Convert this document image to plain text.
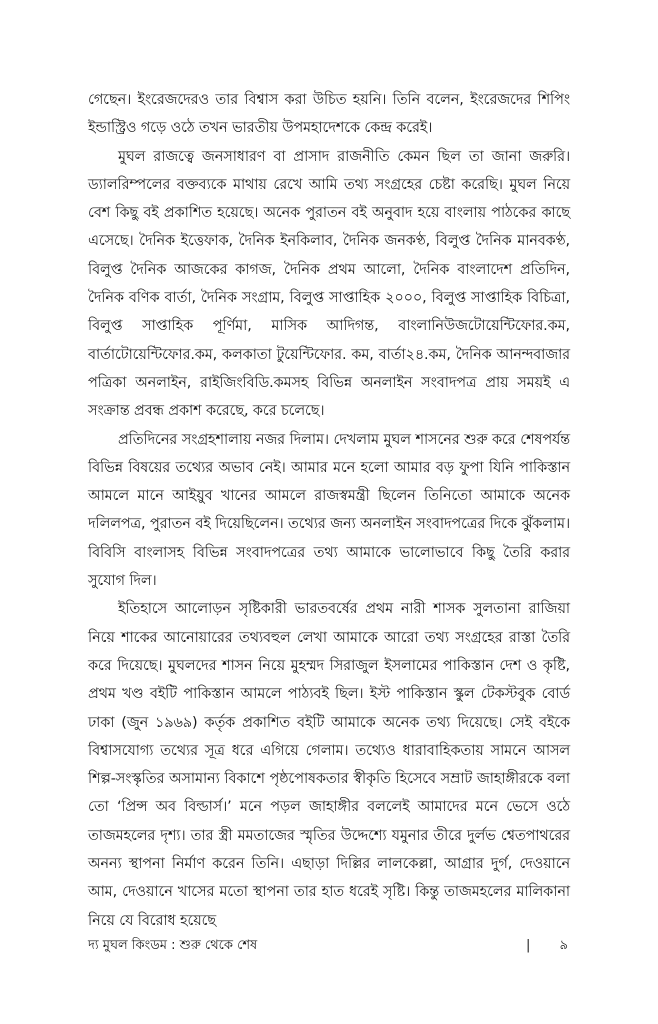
গেছেন। ইংরেজদেরও তার বিশ্বাস করা উচিত হয়নি। তিনি বলেন, ইংরেজদের শিপিং ইন্ডাস্ট্রিও গড়ে ওঠে তখন ভারতীয় উপমহাদেশকে কেন্দ্র করেই।

মুঘল রাজত্বে জনসাধারণ বা প্রাসাদ রাজনীতি কেমন ছিল তা জানা জরুরি। ড্যালরিম্পলের বক্তব্যকে মাথায় রেখে আমি তথ্য সংগ্রহের চেষ্টা করেছি। মুঘল নিয়ে বেশ কিছু বই প্রকাশিত হয়েছে। অনেক পুরাতন বই অনুবাদ হয়ে বাংলায় পাঠকের কাছে এসেছে। দৈনিক ইত্তেফাক, দৈনিক ইনকিলাব, দৈনিক জনকণ্ঠ, বিলুপ্ত দৈনিক মানবকণ্ঠ, বিলুপ্ত দৈনিক আজকের কাগজ, দৈনিক প্রথম আলো, দৈনিক বাংলাদেশ প্রতিদিন, দৈনিক বণিক বার্তা, দৈনিক সংগ্রাম, বিলুপ্ত সাপ্তাহিক ২০০০, বিলুপ্ত সাপ্তাহিক বিচিত্রা, বিলুপ্ত সাপ্তাহিক পূর্ণিমা, মাসিক আদিগন্ত, বাংলানিউজটোয়েন্টিফোর.কম, বার্তাটোয়েন্টিফোর.কম, কলকাতা টুয়েন্টিফোর. কম, বার্তা২৪.কম, দৈনিক আনন্দবাজার পত্রিকা অনলাইন, রাইজিংবিডি.কমসহ বিভিন্ন অনলাইন সংবাদপত্র প্রায় সময়ই এ সংক্রান্ত প্রবন্ধ প্রকাশ করেছে, করে চলেছে।

প্রতিদিনের সংগ্রহশালায় নজর দিলাম। দেখলাম মুঘল শাসনের শুরু করে শেষপর্যন্ত বিভিন্ন বিষয়ের তথ্যের অভাব নেই। আমার মনে হলো আমার বড় ফুপা যিনি পাকিস্তান আমলে মানে আইয়ুব খানের আমলে রাজস্বমন্ত্রী ছিলেন তিনিতো আমাকে অনেক দলিলপত্র, পুরাতন বই দিয়েছিলেন। তথ্যের জন্য অনলাইন সংবাদপত্রের দিকে ঝুঁকলাম। বিবিসি বাংলাসহ বিভিন্ন সংবাদপত্রের তথ্য আমাকে ভালোভাবে কিছু তৈরি করার সুযোগ দিল।

ইতিহাসে আলোড়ন সৃষ্টিকারী ভারতবর্ষের প্রথম নারী শাসক সুলতানা রাজিয়া নিয়ে শাকের আনোয়ারের তথ্যবহুল লেখা আমাকে আরো তথ্য সংগ্রহের রাস্তা তৈরি করে দিয়েছে। মুঘলদের শাসন নিয়ে মুহম্মদ সিরাজুল ইসলামের পাকিস্তান দেশ ও কৃষ্টি, প্রথম খণ্ড বইটি পাকিস্তান আমলে পাঠ্যবই ছিল। ইস্ট পাকিস্তান স্কুল টেকস্টবুক বোর্ড ঢাকা (জুন ১৯৬৯) কর্তৃক প্রকাশিত বইটি আমাকে অনেক তথ্য দিয়েছে। সেই বইকে বিশ্বাসযোগ্য তথ্যের সূত্র ধরে এগিয়ে গেলাম। তথ্যেও ধারাবাহিকতায় সামনে আসল শিল্প-সংস্কৃতির অসামান্য বিকাশে পৃষ্ঠপোষকতার স্বীকৃতি হিসেবে সম্রাট জাহাঙ্গীরকে বলা তো ‘প্রিন্স অব বিল্ডার্স।’ মনে পড়ল জাহাঙ্গীর বললেই আমাদের মনে ভেসে ওঠে তাজমহলের দৃশ্য। তার স্ত্রী মমতাজের স্মৃতির উদ্দেশ্যে যমুনার তীরে দুর্লভ শ্বেতপাথরের অনন্য স্থাপনা নির্মাণ করেন তিনি। এছাড়া দিল্লির লালকেল্লা, আগ্রার দুর্গ, দেওয়ানে আম, দেওয়ানে খাসের মতো স্থাপনা তার হাত ধরেই সৃষ্টি। কিন্তু তাজমহলের মালিকানা নিয়ে যে বিরোধ হয়েছে

দ্য মুঘল কিংডম : শুরু থেকে শেষ	| ৯
